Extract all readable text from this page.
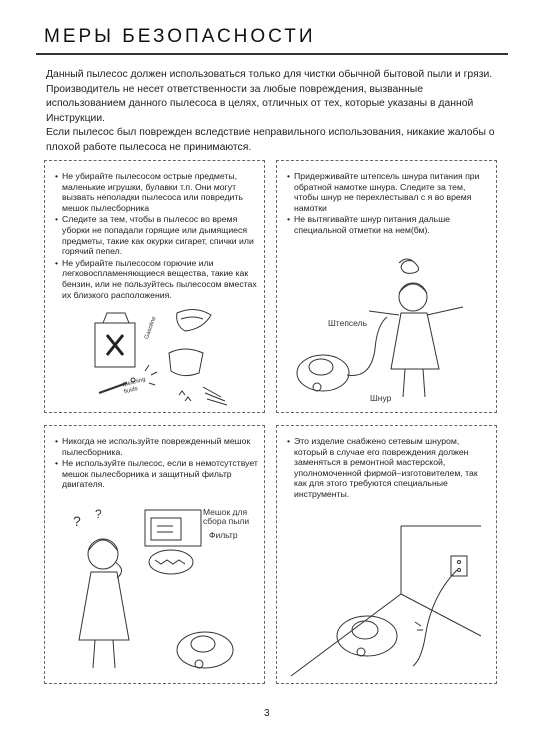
МЕРЫ БЕЗОПАСНОСТИ

Данный пылесос должен использоваться только для чистки обычной бытовой пыли и грязи. Производитель не несет ответственности за любые повреждения, вызванные использованием данного пылесоса в целях, отличных от тех, которые указаны в данной Инструкции.

Если пылесос был поврежден вследствие неправильного использования, никакие жалобы о плохой работе пылесоса не принимаются.

• Не убирайте пылесосом острые предметы, маленькие игрушки, булавки т.п. Они могут вызвать неполадки пылесоса или повредить мешок пылесборника
• Следите за тем, чтобы в пылесос во время уборки не попадали горящие или дымящиеся предметы, такие как окурки сигарет, спички или горячий пепел.
• Не убирайте пылесосом горючие или легковоспламеняющиеся вещества, такие как бензин, или не пользуйтесь пылесосом вместах их близкого расположения.
Gasoline
Cleaning fluids
• Придерживайте штепсель шнура питания при обратной намотке шнура. Следите за тем, чтобы шнур не перехлестывал с я во время намотки
• Не вытягивайте шнур питания дальше специальной отметки на нем(бм).
Штепсель
Шнур
• Никогда не используйте поврежденный мешок пылесборника.
• Не используйте пылесос, если в немотсутствует мешок пылесборника и защитный фильтр двигателя.
? ?	Мешок для сбора пыли
Фильтр
• Это изделие снабжено сетевым шнуром, который в случае его повреждения должен заменяться в ремонтной мастерской, уполномоченной фирмой–изготовителем, так как для этого требуются специальные инструменты.
3
